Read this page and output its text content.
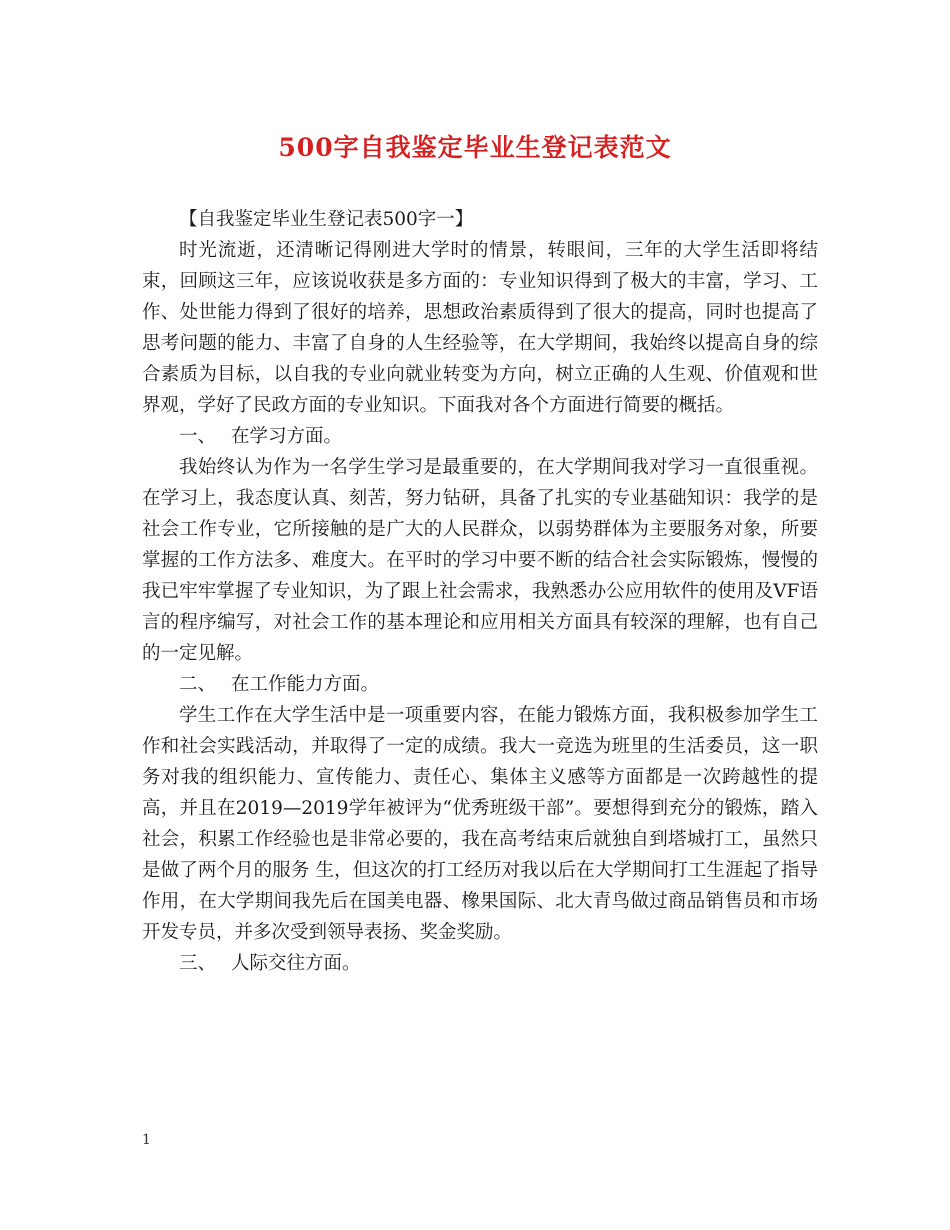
500字自我鉴定毕业生登记表范文

【自我鉴定毕业生登记表500字一】

时光流逝，还清晰记得刚进大学时的情景，转眼间，三年的大学生活即将结束，回顾这三年，应该说收获是多方面的：专业知识得到了极大的丰富，学习、工作、处世能力得到了很好的培养，思想政治素质得到了很大的提高，同时也提高了思考问题的能力、丰富了自身的人生经验等，在大学期间，我始终以提高自身的综合素质为目标，以自我的专业向就业转变为方向，树立正确的人生观、价值观和世界观，学好了民政方面的专业知识。下面我对各个方面进行简要的概括。

一、 在学习方面。

我始终认为作为一名学生学习是最重要的，在大学期间我对学习一直很重视。在学习上，我态度认真、刻苦，努力钻研，具备了扎实的专业基础知识：我学的是社会工作专业，它所接触的是广大的人民群众，以弱势群体为主要服务对象，所要掌握的工作方法多、难度大。在平时的学习中要不断的结合社会实际锻炼，慢慢的我已牢牢掌握了专业知识，为了跟上社会需求，我熟悉办公应用软件的使用及VF语言的程序编写，对社会工作的基本理论和应用相关方面具有较深的理解，也有自己的一定见解。

二、 在工作能力方面。

学生工作在大学生活中是一项重要内容，在能力锻炼方面，我积极参加学生工作和社会实践活动，并取得了一定的成绩。我大一竞选为班里的生活委员，这一职务对我的组织能力、宣传能力、责任心、集体主义感等方面都是一次跨越性的提高，并且在2019—2019学年被评为“优秀班级干部”。要想得到充分的锻炼，踏入社会，积累工作经验也是非常必要的，我在高考结束后就独自到塔城打工，虽然只是做了两个月的服务 生，但这次的打工经历对我以后在大学期间打工生涯起了指导作用，在大学期间我先后在国美电器、橡果国际、北大青鸟做过商品销售员和市场开发专员，并多次受到领导表扬、奖金奖励。

三、 人际交往方面。

1
